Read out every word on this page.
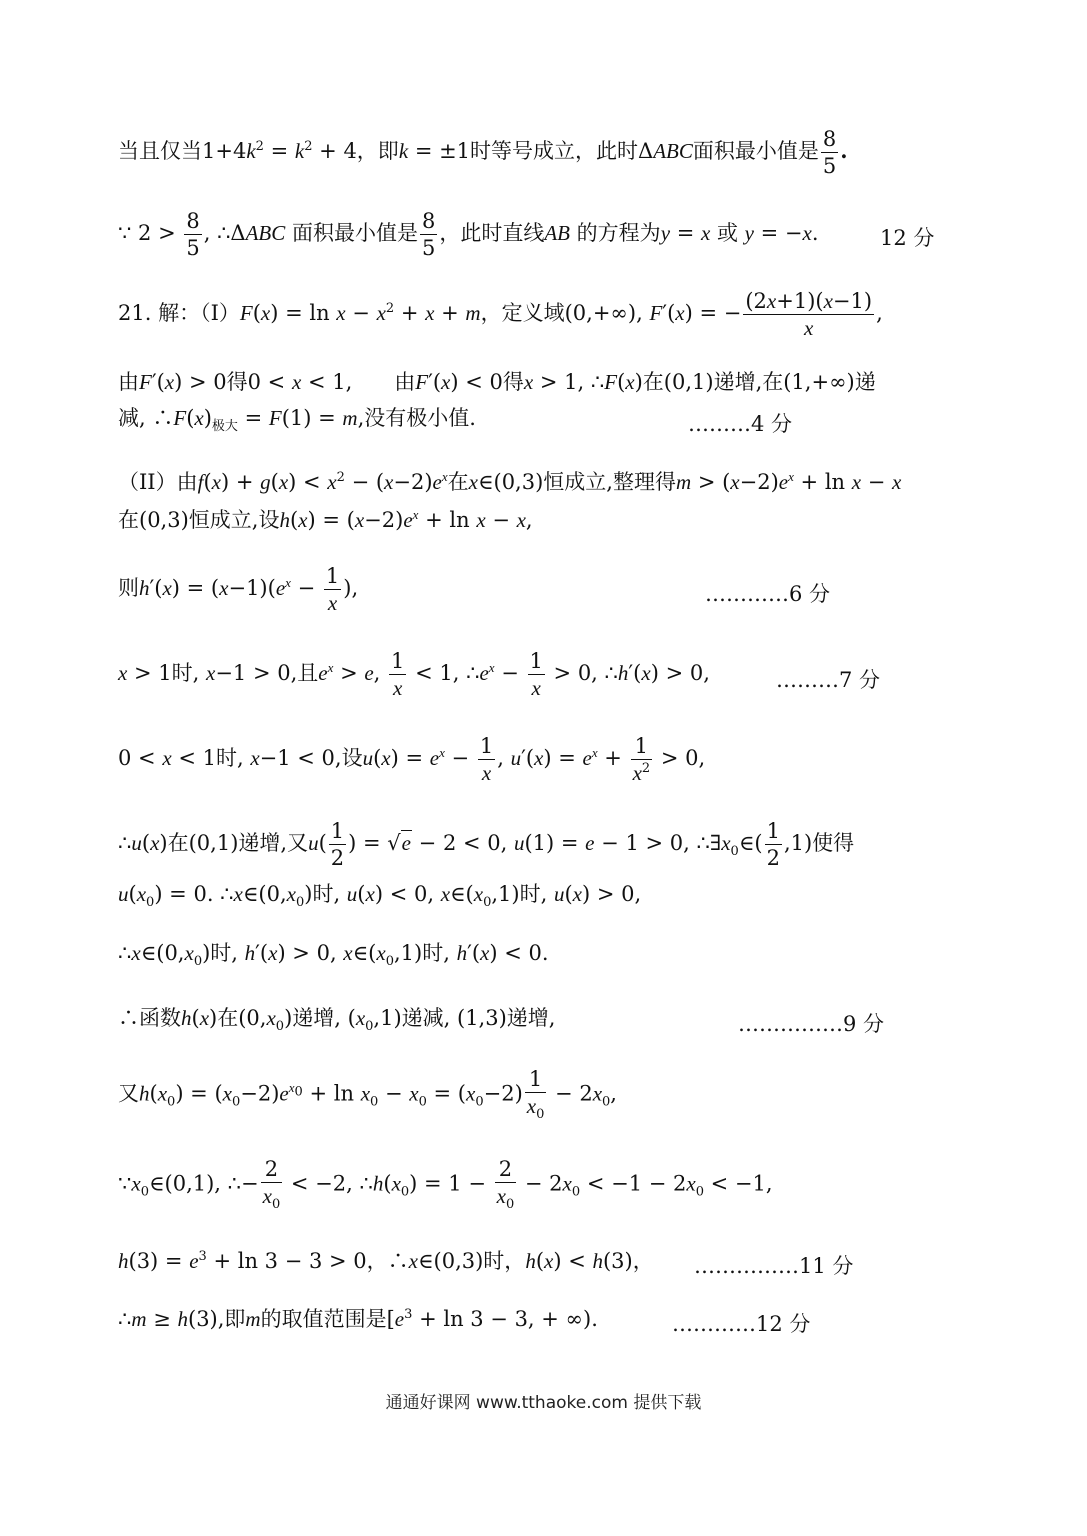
当且仅当$1+4k^2 = k^2 + 4$，即k = ±1时等号成立，此时ΔABC面积最小值是 $\frac{8}{5}$ .
∵ $2 > \frac{8}{5}$ , ∴ΔABC 面积最小值是 $\frac{8}{5}$ ，此时直线AB 的方程为y = x 或 y = −x.	12 分
21. 解：$(I)F(x) = \ln x - x^2 + x + m$，定义域(0,+∞), F′(x) = − $\frac{(2x+1)(x-1)}{x}$ ,
由F′(x) > 0得0 < x < 1,　　由F′(x) < 0得x > 1, ∴F(x)在(0,1)递增,在(1,+∞)递
减, $\therefore F(x)_{极大} = F(1) = m$,没有极小值.	………4 分
（II）由$f(x) + g(x) < x^2 - (x-2)e^x$在x∈(0,3)恒成立,整理得$m > (x-2)e^x + \ln x - x$
在(0,3)恒成立,设$h(x) = (x-2)e^x + \ln x - x$,
则$h'(x) = (x-1)(e^x - \frac{1}{x}$ ),	…………6 分
x > 1时, x−1 > 0,且$e^x > e$, $\frac{1}{x} < 1$, $\therefore e^x - \frac{1}{x} > 0$, ∴h′(x) > 0,	………7 分
0 < x < 1时, x−1 < 0,设$u(x) = e^x - \frac{1}{x}$ , $u'(x) = e^x + \frac{1}{x^2} > 0$,
∴u(x)在(0,1)递增,又$u( \frac{1}{2}$ ) = √e − 2 < 0, u(1) = e − 1 > 0, $\therefore\exists x_0\in( \frac{1}{2} ,1)$使得
$u(x_0) = 0$. $\therefore x\in(0,x_0)$时, u(x) < 0, $x\in(x_0,1)$时, u(x) > 0,
$\therefore x\in(0,x_0)$时, h′(x) > 0, $x\in(x_0,1)$时, h′(x) < 0.
∴函数h(x)在$(0,x_0)$递增, $(x_0,1)$递减, (1,3)递增,	……………9 分
又$h(x_0) = (x_0-2)e^{x_0} + \ln x_0 - x_0 = (x_0-2) \frac{1}{x_0} - 2x_0$,
$\because x_0\in(0,1)$, ∴− $\frac{2}{x_0} < -2$, $\therefore h(x_0) = 1 - \frac{2}{x_0} - 2x_0 < -1 - 2x_0 < -1$,
$h(3) = e^3 + \ln 3 - 3 > 0$，∴x∈(0,3)时，h(x) < h(3)， ……………11 分
∴m ≥ h(3),即m的取值范围是[$e^3 + \ln 3 - 3$, + ∞).	…………12 分
通通好课网 www.tthaoke.com 提供下载
